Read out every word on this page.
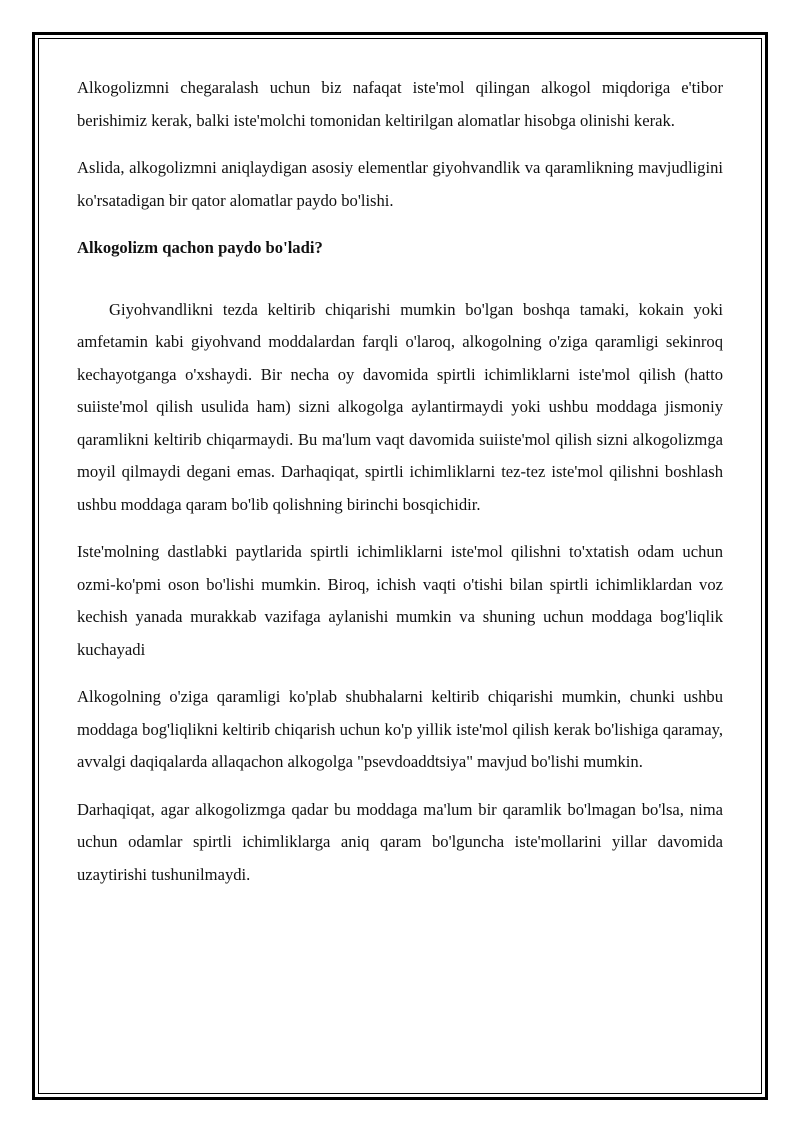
Alkogolizmni chegaralash uchun biz nafaqat iste'mol qilingan alkogol miqdoriga e'tibor berishimiz kerak, balki iste'molchi tomonidan keltirilgan alomatlar hisobga olinishi kerak.

Aslida, alkogolizmni aniqlaydigan asosiy elementlar giyohvandlik va qaramlikning mavjudligini ko'rsatadigan bir qator alomatlar paydo bo'lishi.

Alkogolizm qachon paydo bo'ladi?

Giyohvandlikni tezda keltirib chiqarishi mumkin bo'lgan boshqa tamaki, kokain yoki amfetamin kabi giyohvand moddalardan farqli o'laroq, alkogolning o'ziga qaramligi sekinroq kechayotganga o'xshaydi. Bir necha oy davomida spirtli ichimliklarni iste'mol qilish (hatto suiiste'mol qilish usulida ham) sizni alkogolga aylantirmaydi yoki ushbu moddaga jismoniy qaramlikni keltirib chiqarmaydi. Bu ma'lum vaqt davomida suiiste'mol qilish sizni alkogolizmga moyil qilmaydi degani emas. Darhaqiqat, spirtli ichimliklarni tez-tez iste'mol qilishni boshlash ushbu moddaga qaram bo'lib qolishning birinchi bosqichidir.

Iste'molning dastlabki paytlarida spirtli ichimliklarni iste'mol qilishni to'xtatish odam uchun ozmi-ko'pmi oson bo'lishi mumkin. Biroq, ichish vaqti o'tishi bilan spirtli ichimliklardan voz kechish yanada murakkab vazifaga aylanishi mumkin va shuning uchun moddaga bog'liqlik kuchayadi

Alkogolning o'ziga qaramligi ko'plab shubhalarni keltirib chiqarishi mumkin, chunki ushbu moddaga bog'liqlikni keltirib chiqarish uchun ko'p yillik iste'mol qilish kerak bo'lishiga qaramay, avvalgi daqiqalarda allaqachon alkogolga "psevdoaddtsiya" mavjud bo'lishi mumkin.

Darhaqiqat, agar alkogolizmga qadar bu moddaga ma'lum bir qaramlik bo'lmagan bo'lsa, nima uchun odamlar spirtli ichimliklarga aniq qaram bo'lguncha iste'mollarini yillar davomida uzaytirishi tushunilmaydi.
